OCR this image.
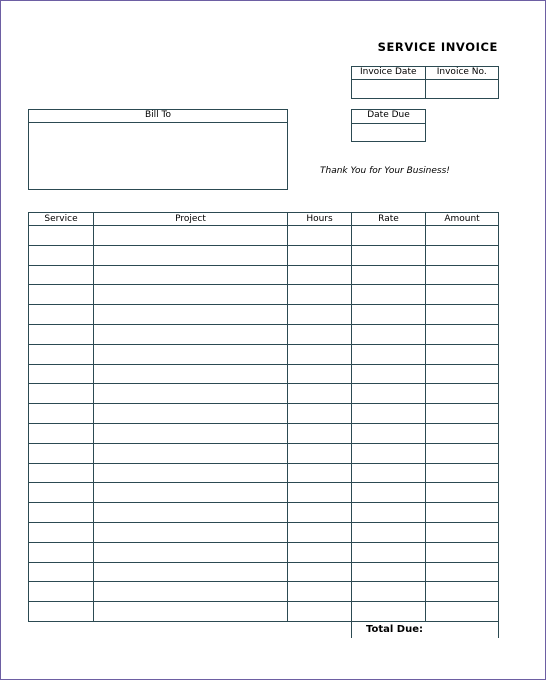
SERVICE INVOICE
Invoice Date	Invoice No.
Date Due
Bill To
Thank You for Your Business!
Service	Project	Hours	Rate	Amount

Total Due:
